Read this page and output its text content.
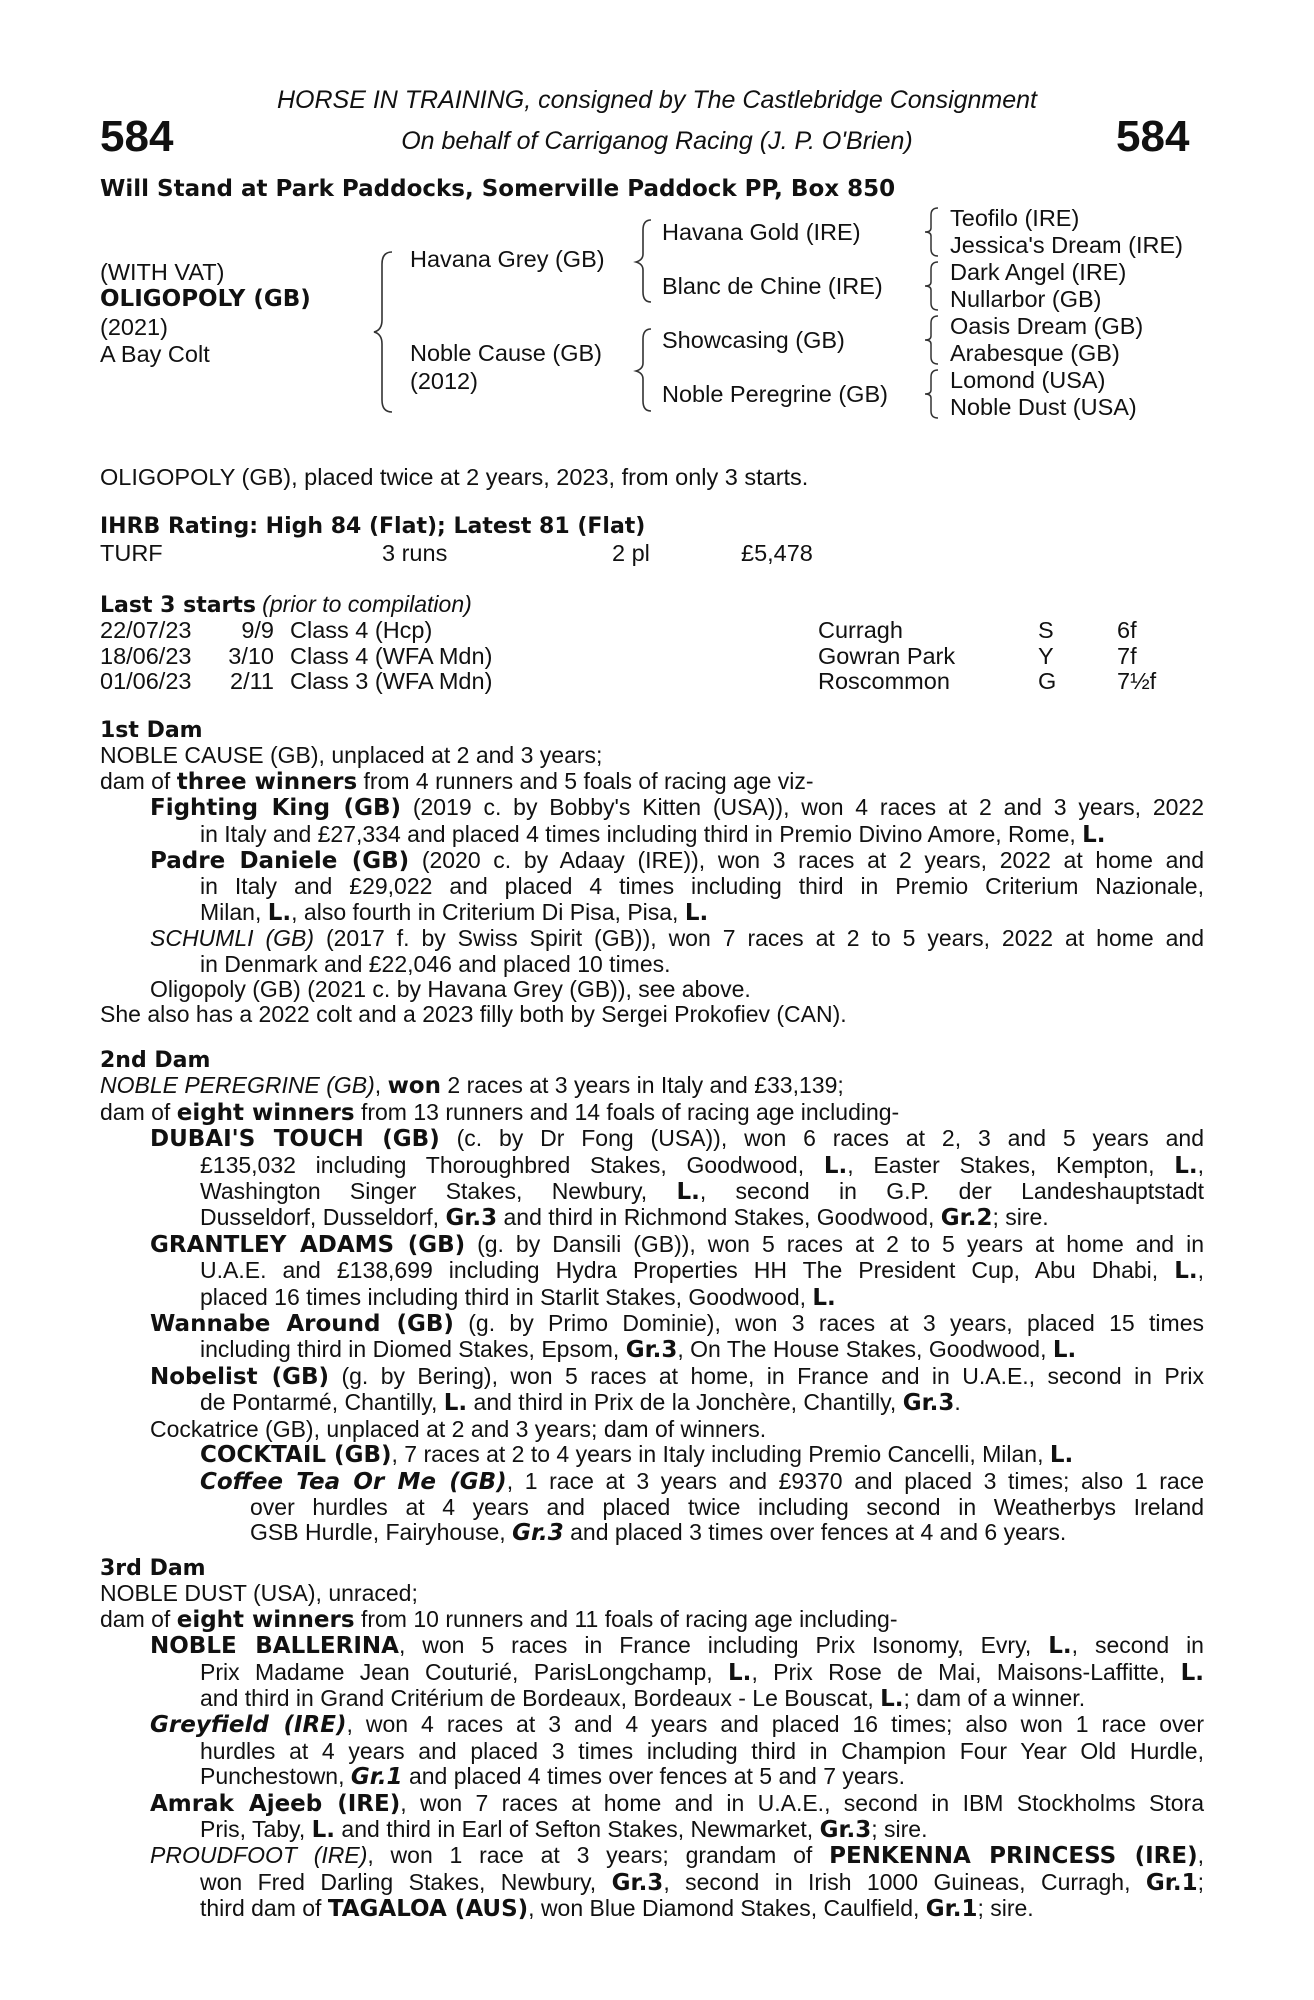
584	584
HORSE IN TRAINING, consigned by The Castlebridge Consignment
On behalf of Carriganog Racing (J. P. O'Brien)
Will Stand at Park Paddocks, Somerville Paddock PP, Box 850
(WITH VAT)
OLIGOPOLY (GB)
(2021)
A Bay Colt
Havana Grey (GB)
Noble Cause (GB)
(2012)
Havana Gold (IRE)
Blanc de Chine (IRE)
Showcasing (GB)
Noble Peregrine (GB)
Teofilo (IRE)
Jessica's Dream (IRE)
Dark Angel (IRE)
Nullarbor (GB)
Oasis Dream (GB)
Arabesque (GB)
Lomond (USA)
Noble Dust (USA)
OLIGOPOLY (GB), placed twice at 2 years, 2023, from only 3 starts.
IHRB Rating: High 84 (Flat); Latest 81 (Flat)
TURF	3 runs	2 pl	£5,478
Last 3 starts (prior to compilation)
22/07/23	9/9 Class 4 (Hcp)	Curragh	S	6f
18/06/23	3/10 Class 4 (WFA Mdn)	Gowran Park	Y	7f
01/06/23	2/11 Class 3 (WFA Mdn)	Roscommon	G	7½f
1st Dam
NOBLE CAUSE (GB), unplaced at 2 and 3 years;
dam of three winners from 4 runners and 5 foals of racing age viz-
Fighting King (GB) (2019 c. by Bobby's Kitten (USA)), won 4 races at 2 and 3 years, 2022
in Italy and £27,334 and placed 4 times including third in Premio Divino Amore, Rome, L.
Padre Daniele (GB) (2020 c. by Adaay (IRE)), won 3 races at 2 years, 2022 at home and
in Italy and £29,022 and placed 4 times including third in Premio Criterium Nazionale,
Milan, L., also fourth in Criterium Di Pisa, Pisa, L.
SCHUMLI (GB) (2017 f. by Swiss Spirit (GB)), won 7 races at 2 to 5 years, 2022 at home and
in Denmark and £22,046 and placed 10 times.
Oligopoly (GB) (2021 c. by Havana Grey (GB)), see above.
She also has a 2022 colt and a 2023 filly both by Sergei Prokofiev (CAN).
2nd Dam
NOBLE PEREGRINE (GB), won 2 races at 3 years in Italy and £33,139;
dam of eight winners from 13 runners and 14 foals of racing age including-
DUBAI'S TOUCH (GB) (c. by Dr Fong (USA)), won 6 races at 2, 3 and 5 years and
£135,032 including Thoroughbred Stakes, Goodwood, L., Easter Stakes, Kempton, L.,
Washington Singer Stakes, Newbury, L., second in G.P. der Landeshauptstadt
Dusseldorf, Dusseldorf, Gr.3 and third in Richmond Stakes, Goodwood, Gr.2; sire.
GRANTLEY ADAMS (GB) (g. by Dansili (GB)), won 5 races at 2 to 5 years at home and in
U.A.E. and £138,699 including Hydra Properties HH The President Cup, Abu Dhabi, L.,
placed 16 times including third in Starlit Stakes, Goodwood, L.
Wannabe Around (GB) (g. by Primo Dominie), won 3 races at 3 years, placed 15 times
including third in Diomed Stakes, Epsom, Gr.3, On The House Stakes, Goodwood, L.
Nobelist (GB) (g. by Bering), won 5 races at home, in France and in U.A.E., second in Prix
de Pontarmé, Chantilly, L. and third in Prix de la Jonchère, Chantilly, Gr.3.
Cockatrice (GB), unplaced at 2 and 3 years; dam of winners.
COCKTAIL (GB), 7 races at 2 to 4 years in Italy including Premio Cancelli, Milan, L.
Coffee Tea Or Me (GB), 1 race at 3 years and £9370 and placed 3 times; also 1 race
over hurdles at 4 years and placed twice including second in Weatherbys Ireland
GSB Hurdle, Fairyhouse, Gr.3 and placed 3 times over fences at 4 and 6 years.
3rd Dam
NOBLE DUST (USA), unraced;
dam of eight winners from 10 runners and 11 foals of racing age including-
NOBLE BALLERINA, won 5 races in France including Prix Isonomy, Evry, L., second in
Prix Madame Jean Couturié, ParisLongchamp, L., Prix Rose de Mai, Maisons-Laffitte, L.
and third in Grand Critérium de Bordeaux, Bordeaux - Le Bouscat, L.; dam of a winner.
Greyfield (IRE), won 4 races at 3 and 4 years and placed 16 times; also won 1 race over
hurdles at 4 years and placed 3 times including third in Champion Four Year Old Hurdle,
Punchestown, Gr.1 and placed 4 times over fences at 5 and 7 years.
Amrak Ajeeb (IRE), won 7 races at home and in U.A.E., second in IBM Stockholms Stora
Pris, Taby, L. and third in Earl of Sefton Stakes, Newmarket, Gr.3; sire.
PROUDFOOT (IRE), won 1 race at 3 years; grandam of PENKENNA PRINCESS (IRE),
won Fred Darling Stakes, Newbury, Gr.3, second in Irish 1000 Guineas, Curragh, Gr.1;
third dam of TAGALOA (AUS), won Blue Diamond Stakes, Caulfield, Gr.1; sire.
